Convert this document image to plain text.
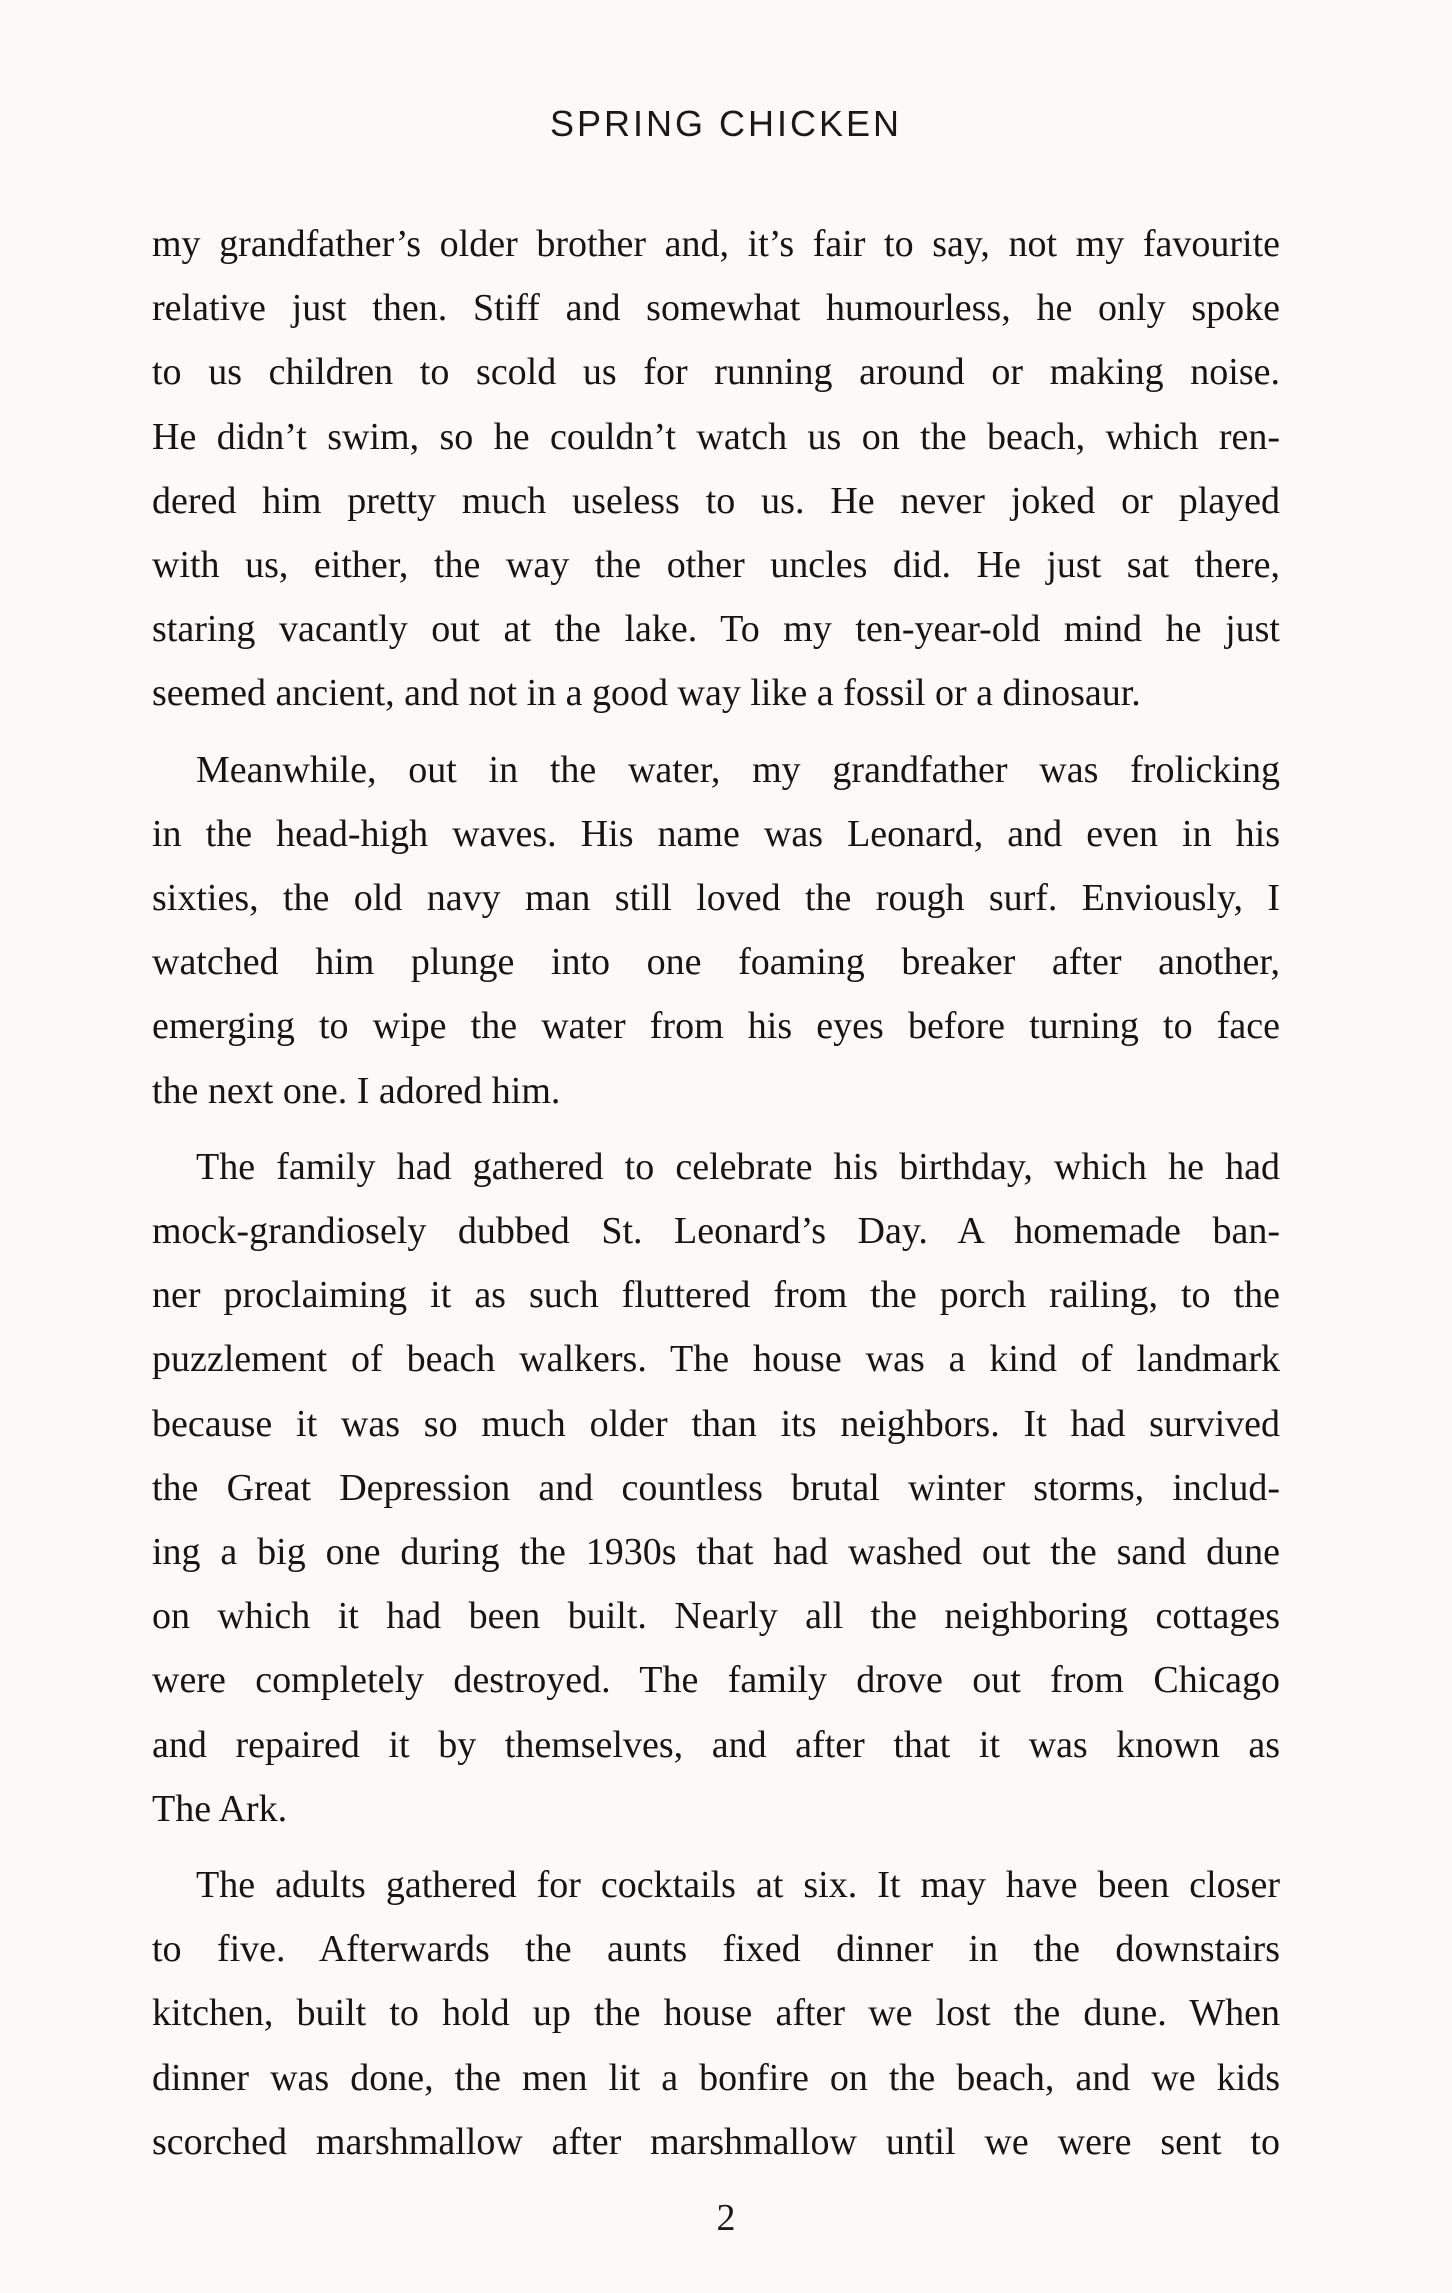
SPRING CHICKEN

my grandfather’s older brother and, it’s fair to say, not my favourite
relative just then. Stiff and somewhat humourless, he only spoke
to us children to scold us for running around or making noise.
He didn’t swim, so he couldn’t watch us on the beach, which ren-
dered him pretty much useless to us. He never joked or played
with us, either, the way the other uncles did. He just sat there,
staring vacantly out at the lake. To my ten-year-old mind he just
seemed ancient, and not in a good way like a fossil or a dinosaur.

Meanwhile, out in the water, my grandfather was frolicking
in the head-high waves. His name was Leonard, and even in his
sixties, the old navy man still loved the rough surf. Enviously, I
watched him plunge into one foaming breaker after another,
emerging to wipe the water from his eyes before turning to face
the next one. I adored him.

The family had gathered to celebrate his birthday, which he had
mock-grandiosely dubbed St. Leonard’s Day. A homemade ban-
ner proclaiming it as such fluttered from the porch railing, to the
puzzlement of beach walkers. The house was a kind of landmark
because it was so much older than its neighbors. It had survived
the Great Depression and countless brutal winter storms, includ-
ing a big one during the 1930s that had washed out the sand dune
on which it had been built. Nearly all the neighboring cottages
were completely destroyed. The family drove out from Chicago
and repaired it by themselves, and after that it was known as
The Ark.

The adults gathered for cocktails at six. It may have been closer
to five. Afterwards the aunts fixed dinner in the downstairs
kitchen, built to hold up the house after we lost the dune. When
dinner was done, the men lit a bonfire on the beach, and we kids
scorched marshmallow after marshmallow until we were sent to

2
